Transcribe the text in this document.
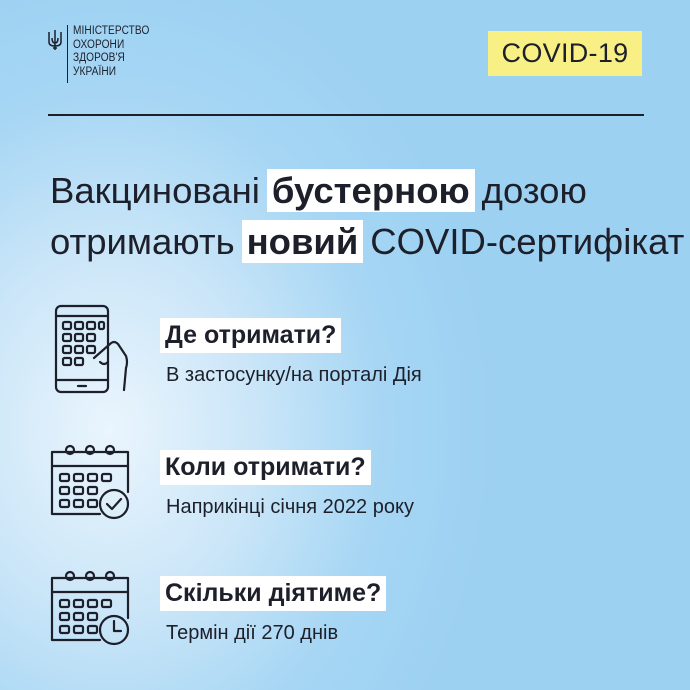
МІНІСТЕРСТВО
ОХОРОНИ
ЗДОРОВ'Я
УКРАЇНИ
COVID-19
Вакциновані бустерною дозою
отримають новий COVID-сертифікат
Де отримати?
В застосунку/на порталі Дія
Коли отримати?
Наприкінці січня 2022 року
Скільки діятиме?
Термін дії 270 днів
